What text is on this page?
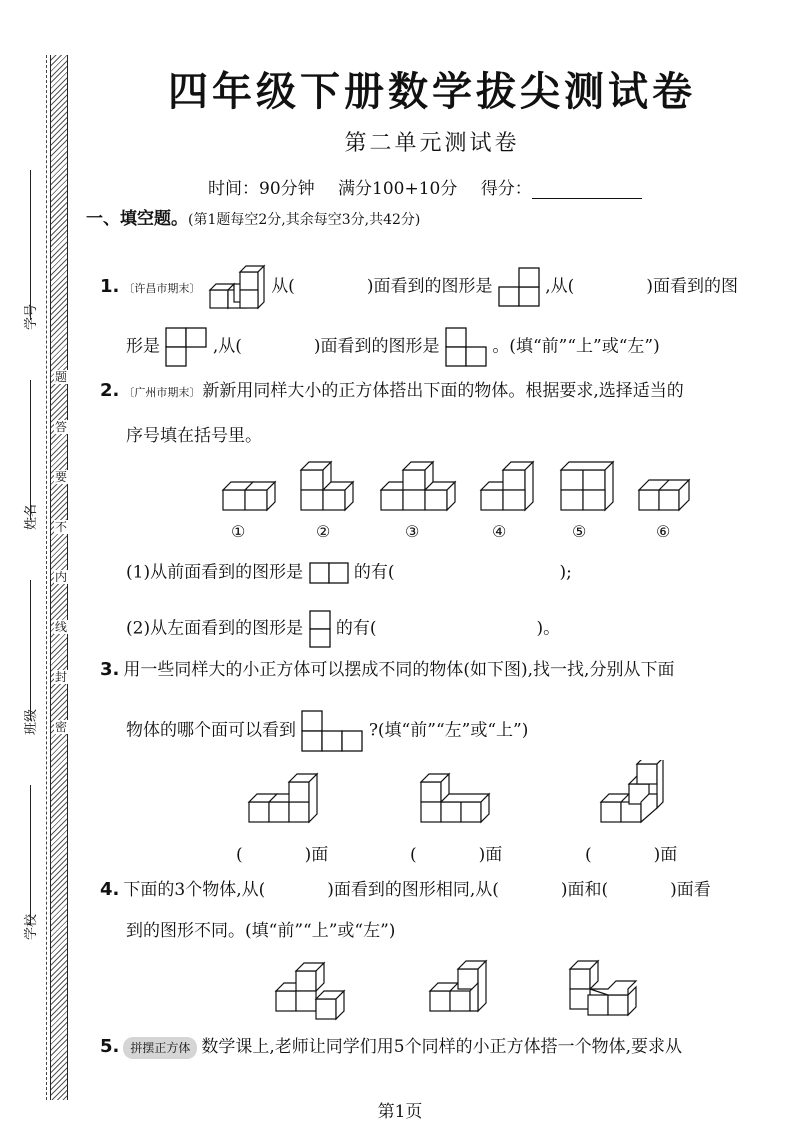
题
答
要
不
内
线
封
密
学号
姓名
班级
学校
四年级下册数学拔尖测试卷
第二单元测试卷
时间：90分钟 满分100+10分 得分：
一、填空题。(第1题每空2分,其余每空3分,共42分)
1. 〔许昌市期末〕	从(	)面看到的图形是	,从(	)面看到的图
形是	,从(	)面看到的图形是	。(填“前”“上”或“左”)
2. 〔广州市期末〕 新新用同样大小的正方体搭出下面的物体。根据要求,选择适当的
序号填在括号里。
①	②	③	④	⑤	⑥
(1)从前面看到的图形是	的有(	);
(2)从左面看到的图形是 的有(	)。
3. 用一些同样大的小正方体可以摆成不同的物体(如下图),找一找,分别从下面
物体的哪个面可以看到	?(填“前”“左”或“上”)
(	)面	(	)面	(	)面
4. 下面的3个物体,从(	)面看到的图形相同,从(	)面和(	)面看
到的图形不同。(填“前”“上”或“左”)
5. 拼摆正方体 数学课上,老师让同学们用5个同样的小正方体搭一个物体,要求从
第1页
